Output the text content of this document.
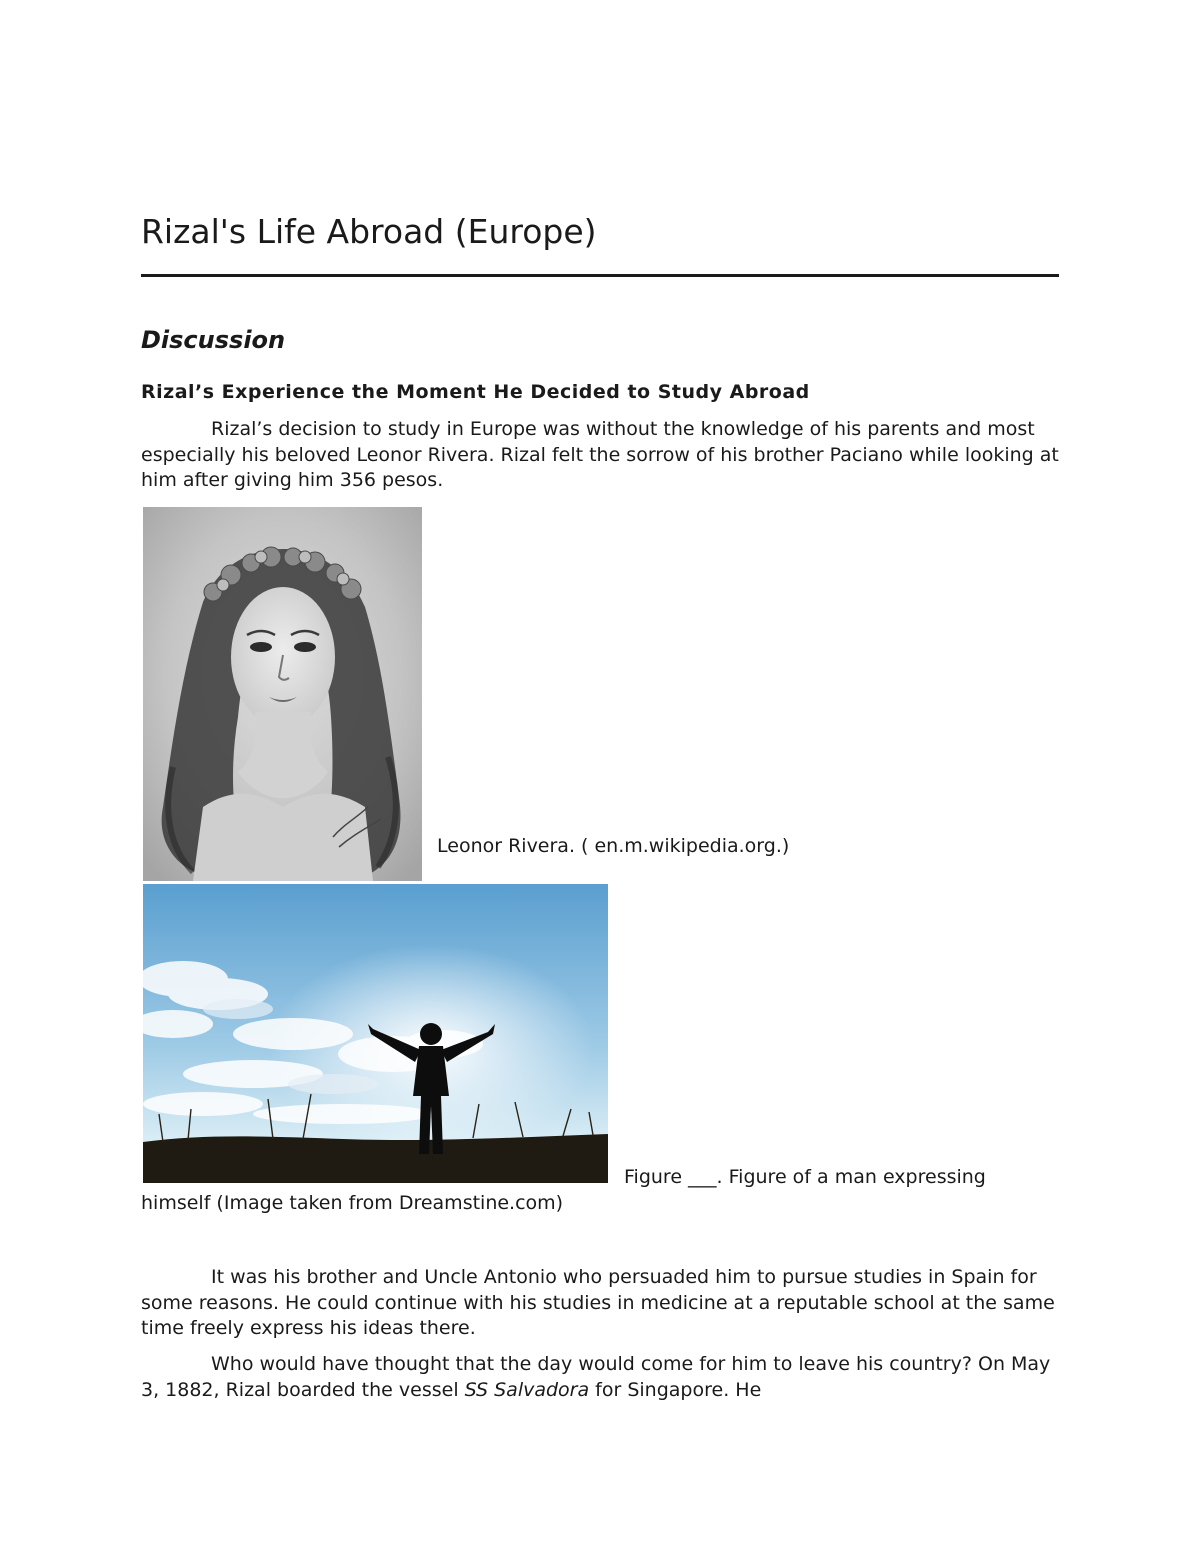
Rizal's Life Abroad (Europe)
Discussion
Rizal’s Experience the Moment He Decided to Study Abroad

Rizal’s decision to study in Europe was without the knowledge of his parents and most especially his beloved Leonor Rivera. Rizal felt the sorrow of his brother Paciano while looking at him after giving him 356 pesos.

Leonor Rivera. ( en.m.wikipedia.org.)

Figure ___. Figure of a man expressing himself (Image taken from Dreamstine.com)

It was his brother and Uncle Antonio who persuaded him to pursue studies in Spain for some reasons. He could continue with his studies in medicine at a reputable school at the same time freely express his ideas there.

Who would have thought that the day would come for him to leave his country? On May 3, 1882, Rizal boarded the vessel SS Salvadora for Singapore. He
